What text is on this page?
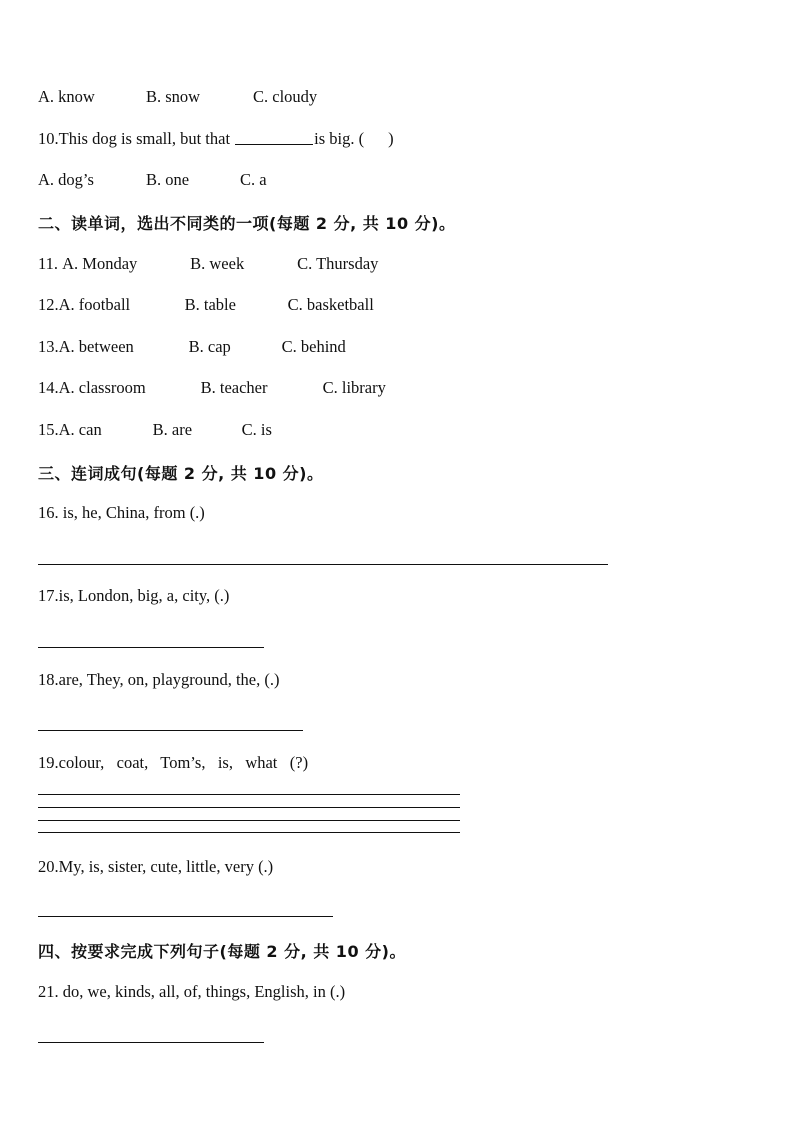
A. know	B. snow	C. cloudy
10.This dog is small, but that	is big. ( )
A. dog’s	B. one	C. a
二、读单词，选出不同类的一项(每题 2 分, 共 10 分)。
11. A. Monday	B. week	C. Thursday
12.A. football	B. table	C. basketball
13.A. between	B. cap	C. behind
14.A. classroom	B. teacher	C. library
15.A. can	B. are	C. is
三、连词成句(每题 2 分, 共 10 分)。
16. is, he, China, from (.)
17.is, London, big, a, city, (.)
18.are, They, on, playground, the, (.)
19.colour,   coat,   Tom’s,   is,   what   (?)
20.My, is, sister, cute, little, very (.)
四、按要求完成下列句子(每题 2 分, 共 10 分)。
21. do, we, kinds, all, of, things, English, in (.)
